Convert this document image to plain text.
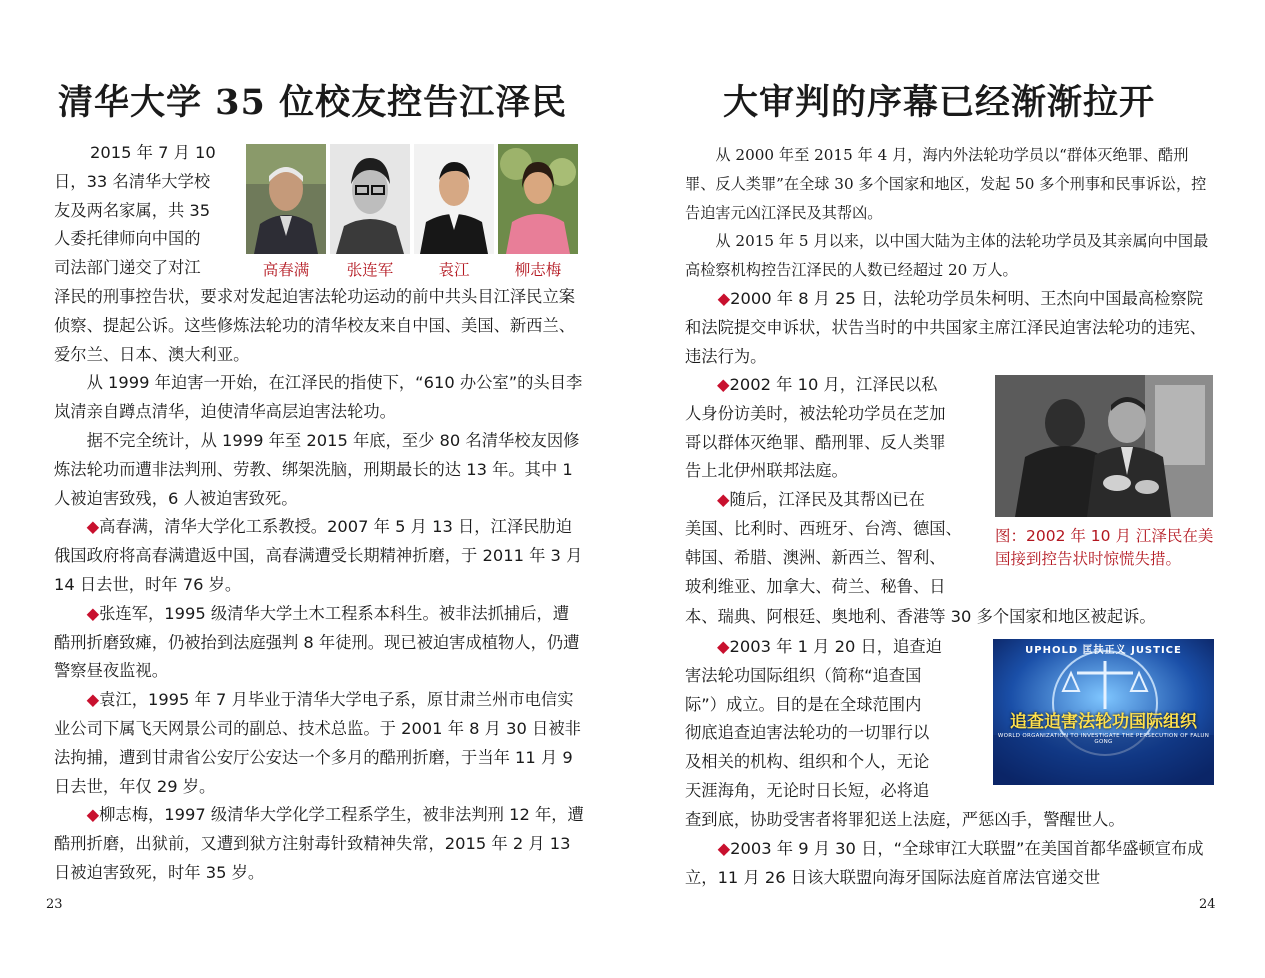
清华大学 35 位校友控告江泽民
2015 年 7 月 10
日，33 名清华大学校
友及两名家属，共 35
人委托律师向中国的
司法部门递交了对江	高春满	张连军	袁江	柳志梅

泽民的刑事控告状，要求对发起迫害法轮功运动的前中共头目江泽民立案侦察、提起公诉。这些修炼法轮功的清华校友来自中国、美国、新西兰、爱尔兰、日本、澳大利亚。

从 1999 年迫害一开始，在江泽民的指使下，“610 办公室”的头目李岚清亲自蹲点清华，迫使清华高层迫害法轮功。

据不完全统计，从 1999 年至 2015 年底，至少 80 名清华校友因修炼法轮功而遭非法判刑、劳教、绑架洗脑，刑期最长的达 13 年。其中 1 人被迫害致残，6 人被迫害致死。

◆高春满，清华大学化工系教授。2007 年 5 月 13 日，江泽民肋迫俄国政府将高春满遣返中国，高春满遭受长期精神折磨，于 2011 年 3 月 14 日去世，时年 76 岁。

◆张连军，1995 级清华大学土木工程系本科生。被非法抓捕后，遭酷刑折磨致瘫，仍被抬到法庭强判 8 年徒刑。现已被迫害成植物人，仍遭警察昼夜监视。

◆袁江，1995 年 7 月毕业于清华大学电子系，原甘肃兰州市电信实业公司下属飞天网景公司的副总、技术总监。于 2001 年 8 月 30 日被非法拘捕，遭到甘肃省公安厅公安达一个多月的酷刑折磨，于当年 11 月 9 日去世，年仅 29 岁。

◆柳志梅，1997 级清华大学化学工程系学生，被非法判刑 12 年，遭酷刑折磨，出狱前，又遭到狱方注射毒针致精神失常，2015 年 2 月 13 日被迫害致死，时年 35 岁。

23
大审判的序幕已经渐渐拉开

从 2000 年至 2015 年 4 月，海内外法轮功学员以“群体灭绝罪、酷刑罪、反人类罪”在全球 30 多个国家和地区，发起 50 多个刑事和民事诉讼，控告迫害元凶江泽民及其帮凶。

从 2015 年 5 月以来，以中国大陆为主体的法轮功学员及其亲属向中国最高检察机构控告江泽民的人数已经超过 20 万人。

◆2000 年 8 月 25 日，法轮功学员朱柯明、王杰向中国最高检察院和法院提交申诉状，状告当时的中共国家主席江泽民迫害法轮功的违宪、违法行为。

◆2002 年 10 月，江泽民以私
人身份访美时，被法轮功学员在芝加
哥以群体灭绝罪、酷刑罪、反人类罪
告上北伊州联邦法庭。
◆随后，江泽民及其帮凶已在
美国、比利时、西班牙、台湾、德国、
韩国、希腊、澳洲、新西兰、智利、
玻利维亚、加拿大、荷兰、秘鲁、日
图：2002 年 10 月 江泽民在美国接到控告状时惊慌失措。
本、瑞典、阿根廷、奥地利、香港等 30 多个国家和地区被起诉。
◆2003 年 1 月 20 日，追查迫
害法轮功国际组织（简称“追查国
际”）成立。目的是在全球范围内
彻底追查迫害法轮功的一切罪行以
及相关的机构、组织和个人，无论
天涯海角，无论时日长短，必将追
UPHOLD 匡扶正义 JUSTICE
追查迫害法轮功国际组织
WORLD ORGANIZATION TO INVESTIGATE THE PERSECUTION OF FALUN GONG
查到底，协助受害者将罪犯送上法庭，严惩凶手，警醒世人。

◆2003 年 9 月 30 日，“全球审江大联盟”在美国首都华盛顿宣布成立，11 月 26 日该大联盟向海牙国际法庭首席法官递交世

24
